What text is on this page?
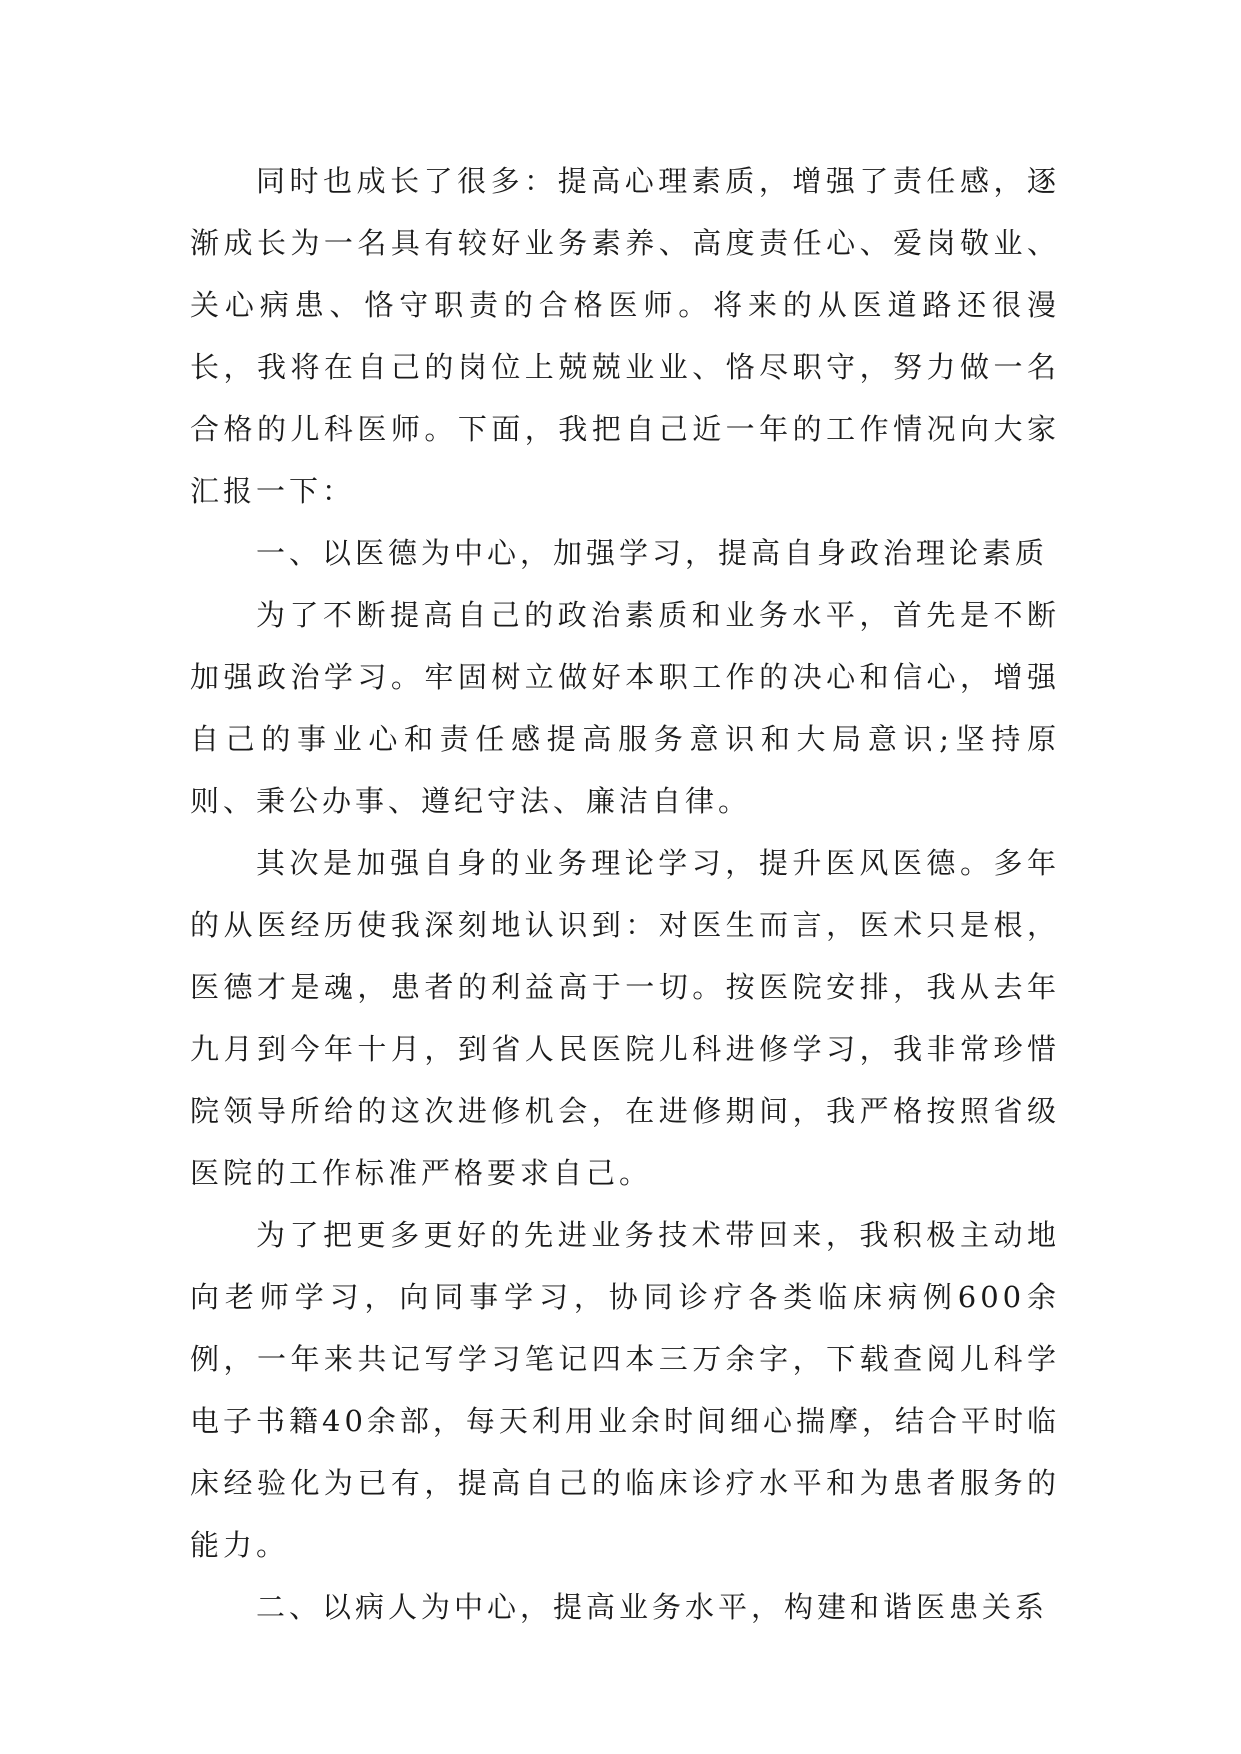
同时也成长了很多：提高心理素质，增强了责任感，逐渐成长为一名具有较好业务素养、高度责任心、爱岗敬业、关心病患、恪守职责的合格医师。将来的从医道路还很漫长，我将在自己的岗位上兢兢业业、恪尽职守，努力做一名合格的儿科医师。下面，我把自己近一年的工作情况向大家汇报一下：

一、以医德为中心，加强学习，提高自身政治理论素质

为了不断提高自己的政治素质和业务水平，首先是不断加强政治学习。牢固树立做好本职工作的决心和信心，增强自己的事业心和责任感提高服务意识和大局意识;坚持原则、秉公办事、遵纪守法、廉洁自律。

其次是加强自身的业务理论学习，提升医风医德。多年的从医经历使我深刻地认识到：对医生而言，医术只是根，医德才是魂，患者的利益高于一切。按医院安排，我从去年九月到今年十月，到省人民医院儿科进修学习，我非常珍惜院领导所给的这次进修机会，在进修期间，我严格按照省级医院的工作标准严格要求自己。

为了把更多更好的先进业务技术带回来，我积极主动地向老师学习，向同事学习，协同诊疗各类临床病例600余例，一年来共记写学习笔记四本三万余字，下载查阅儿科学电子书籍40余部，每天利用业余时间细心揣摩，结合平时临床经验化为已有，提高自己的临床诊疗水平和为患者服务的能力。

二、以病人为中心，提高业务水平，构建和谐医患关系
